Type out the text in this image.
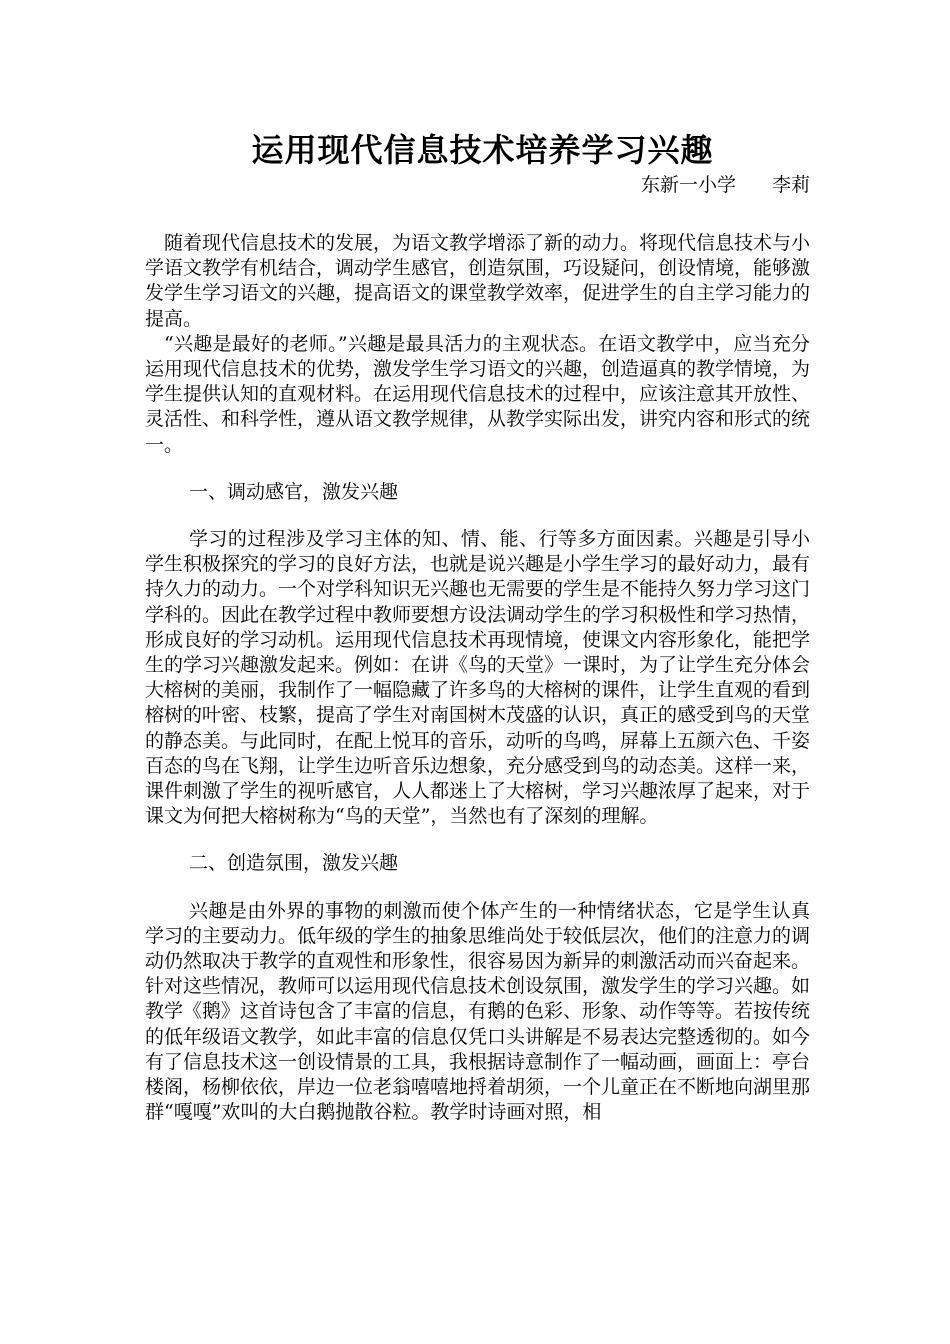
运用现代信息技术培养学习兴趣

东新一小学 李莉

随着现代信息技术的发展，为语文教学增添了新的动力。将现代信息技术与小学语文教学有机结合，调动学生感官，创造氛围，巧设疑问，创设情境，能够激发学生学习语文的兴趣，提高语文的课堂教学效率，促进学生的自主学习能力的提高。

“兴趣是最好的老师。”兴趣是最具活力的主观状态。在语文教学中，应当充分运用现代信息技术的优势，激发学生学习语文的兴趣，创造逼真的教学情境，为学生提供认知的直观材料。在运用现代信息技术的过程中，应该注意其开放性、灵活性、和科学性，遵从语文教学规律，从教学实际出发，讲究内容和形式的统一。

一、调动感官，激发兴趣

学习的过程涉及学习主体的知、情、能、行等多方面因素。兴趣是引导小学生积极探究的学习的良好方法，也就是说兴趣是小学生学习的最好动力，最有持久力的动力。一个对学科知识无兴趣也无需要的学生是不能持久努力学习这门学科的。因此在教学过程中教师要想方设法调动学生的学习积极性和学习热情，形成良好的学习动机。运用现代信息技术再现情境，使课文内容形象化，能把学生的学习兴趣激发起来。例如：在讲《鸟的天堂》一课时，为了让学生充分体会大榕树的美丽，我制作了一幅隐藏了许多鸟的大榕树的课件，让学生直观的看到榕树的叶密、枝繁，提高了学生对南国树木茂盛的认识，真正的感受到鸟的天堂的静态美。与此同时，在配上悦耳的音乐，动听的鸟鸣，屏幕上五颜六色、千姿百态的鸟在飞翔，让学生边听音乐边想象，充分感受到鸟的动态美。这样一来，课件刺激了学生的视听感官，人人都迷上了大榕树，学习兴趣浓厚了起来，对于课文为何把大榕树称为“鸟的天堂”，当然也有了深刻的理解。

二、创造氛围，激发兴趣

兴趣是由外界的事物的刺激而使个体产生的一种情绪状态，它是学生认真学习的主要动力。低年级的学生的抽象思维尚处于较低层次，他们的注意力的调动仍然取决于教学的直观性和形象性，很容易因为新异的刺激活动而兴奋起来。针对这些情况，教师可以运用现代信息技术创设氛围，激发学生的学习兴趣。如教学《鹅》这首诗包含了丰富的信息，有鹅的色彩、形象、动作等等。若按传统的低年级语文教学，如此丰富的信息仅凭口头讲解是不易表达完整透彻的。如今有了信息技术这一创设情景的工具，我根据诗意制作了一幅动画，画面上：亭台楼阁，杨柳依依，岸边一位老翁嘻嘻地捋着胡须，一个儿童正在不断地向湖里那群“嘎嘎”欢叫的大白鹅抛散谷粒。教学时诗画对照，相
